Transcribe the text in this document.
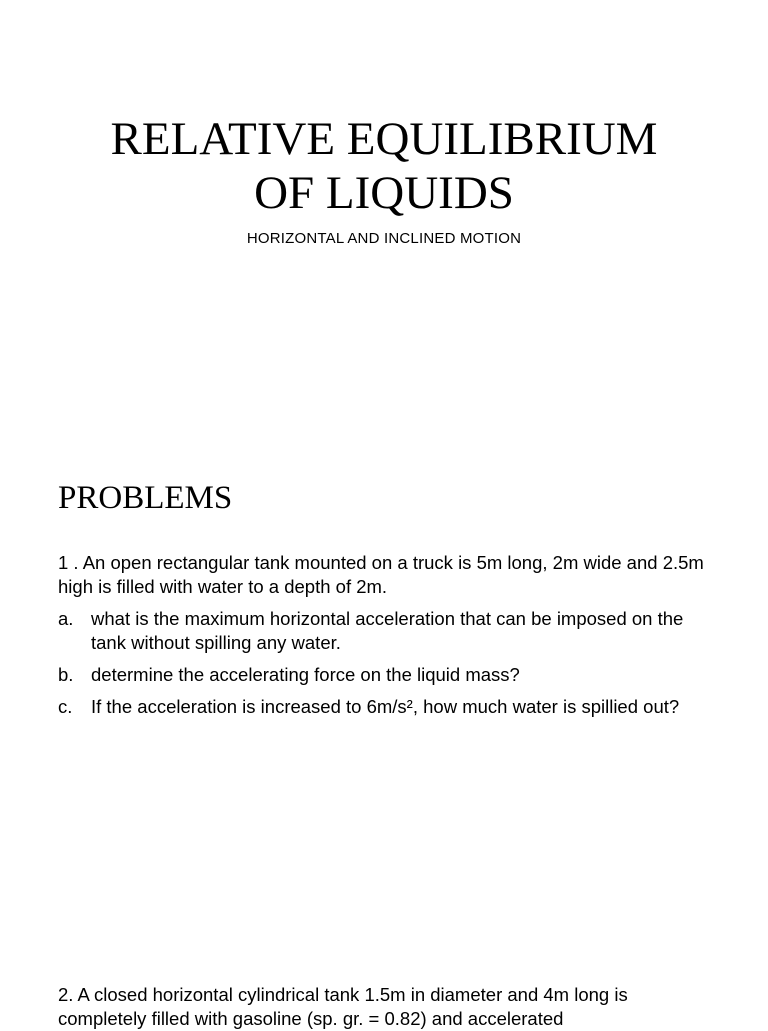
RELATIVE EQUILIBRIUM
OF LIQUIDS

HORIZONTAL AND INCLINED MOTION

PROBLEMS

1 . An open rectangular tank mounted on a truck is 5m long, 2m wide and 2.5m high is filled with water to a depth of 2m.

a. what is the maximum horizontal acceleration that can be imposed on the tank without spilling any water.
b. determine the accelerating force on the liquid mass?
c.	If the acceleration is increased to 6m/s², how much water is spillied out?

2. A closed horizontal cylindrical tank 1.5m in diameter and 4m long is completely filled with gasoline (sp. gr. = 0.82) and accelerated
